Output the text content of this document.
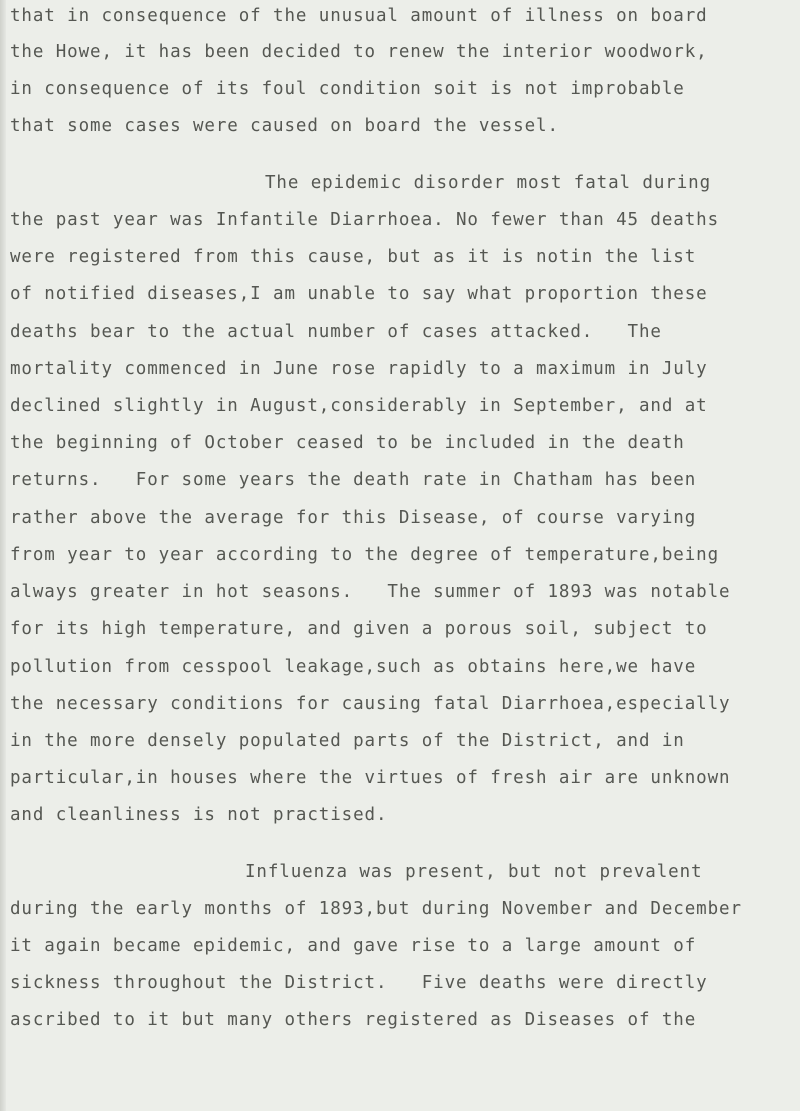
that in consequence of the unusual amount of illness on board

the Howe, it has been decided to renew the interior woodwork,

in consequence of its foul condition soit is not improbable

that some cases were caused on board the vessel.

The epidemic disorder most fatal during

the past year was Infantile Diarrhoea. No fewer than 45 deaths

were registered from this cause, but as it is notin the list

of notified diseases,I am unable to say what proportion these

deaths bear to the actual number of cases attacked.   The

mortality commenced in June rose rapidly to a maximum in July

declined slightly in August,considerably in September, and at

the beginning of October ceased to be included in the death

returns.   For some years the death rate in Chatham has been

rather above the average for this Disease, of course varying

from year to year according to the degree of temperature,being

always greater in hot seasons.   The summer of 1893 was notable

for its high temperature, and given a porous soil, subject to

pollution from cesspool leakage,such as obtains here,we have

the necessary conditions for causing fatal Diarrhoea,especially

in the more densely populated parts of the District, and in

particular,in houses where the virtues of fresh air are unknown

and cleanliness is not practised.

Influenza was present, but not prevalent

during the early months of 1893,but during November and December

it again became epidemic, and gave rise to a large amount of

sickness throughout the District.   Five deaths were directly

ascribed to it but many others registered as Diseases of the
